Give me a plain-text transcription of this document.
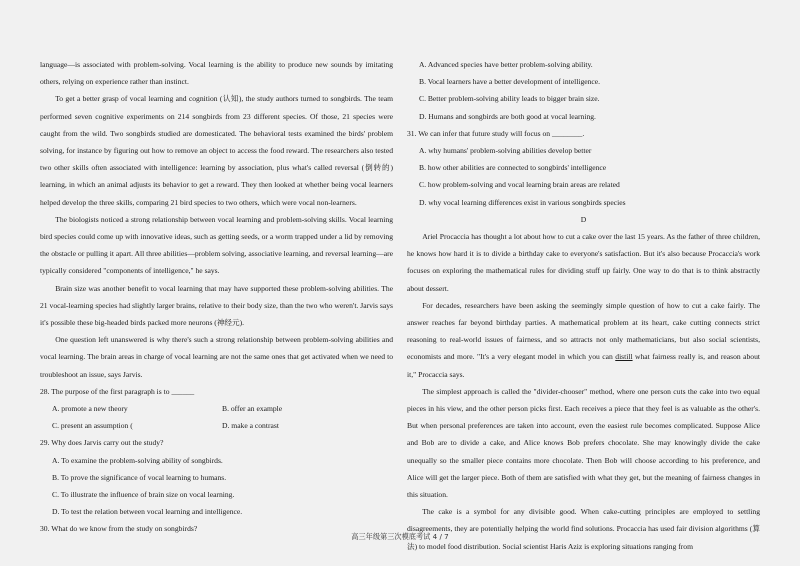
language—is associated with problem-solving. Vocal learning is the ability to produce new sounds by imitating others, relying on experience rather than instinct.

To get a better grasp of vocal learning and cognition (认知), the study authors turned to songbirds. The team performed seven cognitive experiments on 214 songbirds from 23 different species. Of those, 21 species were caught from the wild. Two songbirds studied are domesticated. The behavioral tests examined the birds' problem solving, for instance by figuring out how to remove an object to access the food reward. The researchers also tested two other skills often associated with intelligence: learning by association, plus what's called reversal (倒转的) learning, in which an animal adjusts its behavior to get a reward. They then looked at whether being vocal learners helped develop the three skills, comparing 21 bird species to two others, which were vocal non-learners.

The biologists noticed a strong relationship between vocal learning and problem-solving skills. Vocal learning bird species could come up with innovative ideas, such as getting seeds, or a worm trapped under a lid by removing the obstacle or pulling it apart. All three abilities—problem solving, associative learning, and reversal learning—are typically considered "components of intelligence," he says.

Brain size was another benefit to vocal learning that may have supported these problem-solving abilities. The 21 vocal-learning species had slightly larger brains, relative to their body size, than the two who weren't. Jarvis says it's possible these big-headed birds packed more neurons (神经元).

One question left unanswered is why there's such a strong relationship between problem-solving abilities and vocal learning. The brain areas in charge of vocal learning are not the same ones that get activated when we need to troubleshoot an issue, says Jarvis.

28. The purpose of the first paragraph is to ______

A. promote a new theory	B. offer an example
C. present an assumption (	D. make a contrast

29. Why does Jarvis carry out the study?

A. To examine the problem-solving ability of songbirds.

B. To prove the significance of vocal learning to humans.

C. To illustrate the influence of brain size on vocal learning.

D. To test the relation between vocal learning and intelligence.

30. What do we know from the study on songbirds?

A. Advanced species have better problem-solving ability.

B. Vocal learners have a better development of intelligence.

C. Better problem-solving ability leads to bigger brain size.

D. Humans and songbirds are both good at vocal learning.

31. We can infer that future study will focus on ________.

A. why humans' problem-solving abilities develop better

B. how other abilities are connected to songbirds' intelligence

C. how problem-solving and vocal learning brain areas are related

D. why vocal learning differences exist in various songbirds species

D

Ariel Procaccia has thought a lot about how to cut a cake over the last 15 years. As the father of three children, he knows how hard it is to divide a birthday cake to everyone's satisfaction. But it's also because Procaccia's work focuses on exploring the mathematical rules for dividing stuff up fairly. One way to do that is to think abstractly about dessert.

For decades, researchers have been asking the seemingly simple question of how to cut a cake fairly. The answer reaches far beyond birthday parties. A mathematical problem at its heart, cake cutting connects strict reasoning to real-world issues of fairness, and so attracts not only mathematicians, but also social scientists, economists and more. "It's a very elegant model in which you can distill what fairness really is, and reason about it," Procaccia says.

The simplest approach is called the "divider-chooser" method, where one person cuts the cake into two equal pieces in his view, and the other person picks first. Each receives a piece that they feel is as valuable as the other's. But when personal preferences are taken into account, even the easiest rule becomes complicated. Suppose Alice and Bob are to divide a cake, and Alice knows Bob prefers chocolate. She may knowingly divide the cake unequally so the smaller piece contains more chocolate. Then Bob will choose according to his preference, and Alice will get the larger piece. Both of them are satisfied with what they get, but the meaning of fairness changes in this situation.

The cake is a symbol for any divisible good. When cake-cutting principles are employed to settling disagreements, they are potentially helping the world find solutions. Procaccia has used fair division algorithms (算法) to model food distribution. Social scientist Haris Aziz is exploring situations ranging from

高三年级第三次模底考试 4 / 7
